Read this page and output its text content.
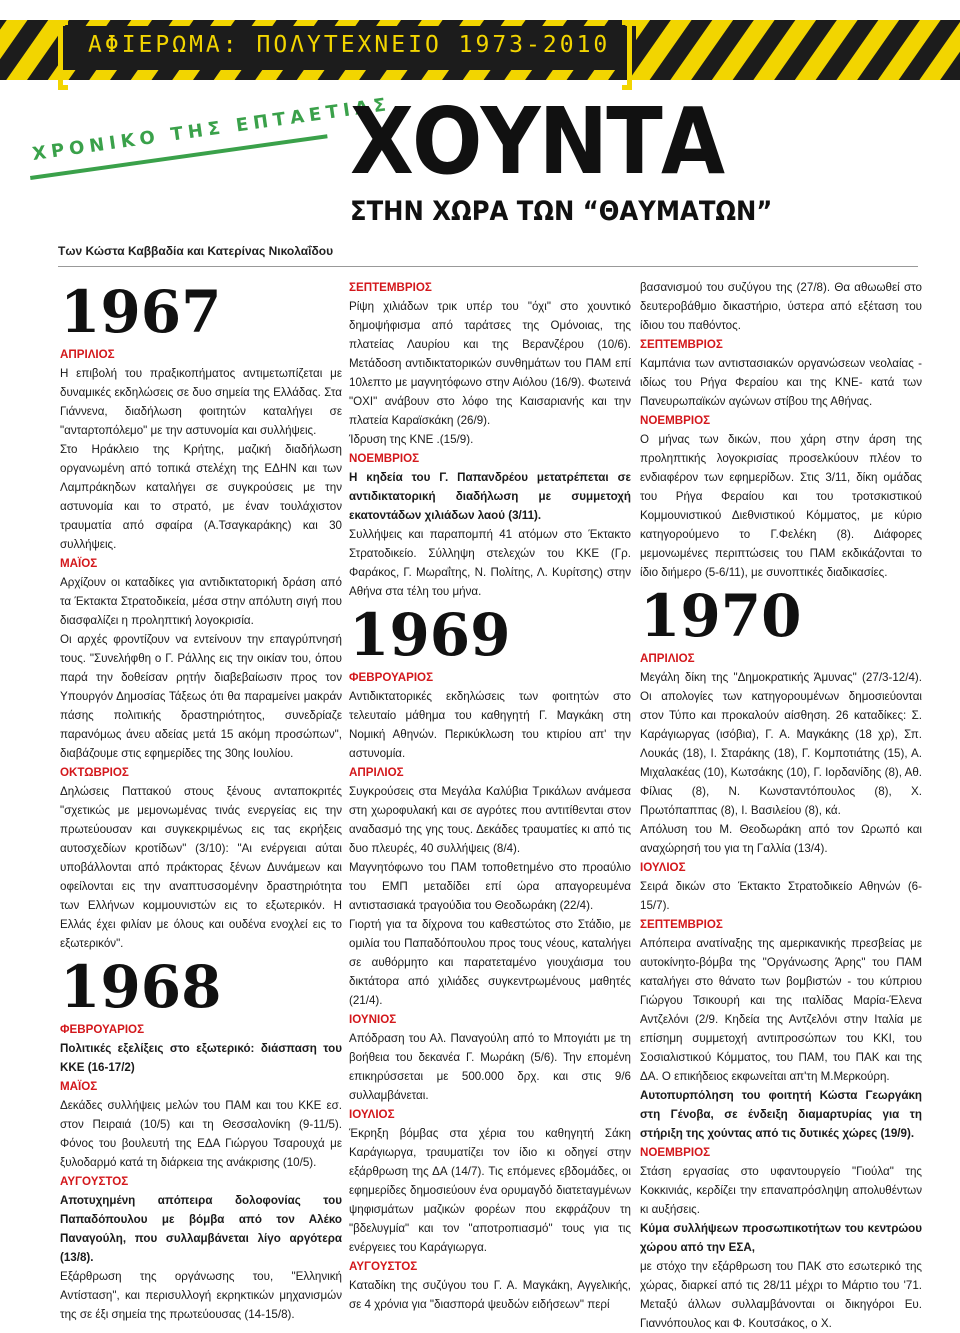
ΑΦΙΕΡΩΜΑ: ΠΟΛΥΤΕΧΝΕΙΟ 1973-2010
ΧΡΟΝΙΚΟ ΤΗΣ ΕΠΤΑΕΤΙΑΣ
ΧΟΥΝΤΑ
ΣΤΗΝ ΧΩΡΑ ΤΩΝ “ΘΑΥΜΑΤΩΝ”
Των Κώστα Καββαδία και Κατερίνας Νικολαΐδου
1967
ΑΠΡΙΛΙΟΣ

Η επιβολή του πραξικοπήματος αντιμετωπίζεται με δυναμικές εκδηλώσεις σε δυο σημεία της Ελλάδας. Στα Γιάννενα, διαδήλωση φοιτητών καταλήγει σε "ανταρτοπόλεμο" με την αστυνομία και συλλήψεις.

Στο Ηράκλειο της Κρήτης, μαζική διαδήλωση οργανωμένη από τοπικά στελέχη της ΕΔΗΝ και των Λαμπράκηδων καταλήγει σε συγκρούσεις με την αστυνομία και το στρατό, με έναν τουλάχιστον τραυματία από σφαίρα (Α.Τσαγκαράκης) και 30 συλλήψεις.

ΜΑΪΟΣ

Αρχίζουν οι καταδίκες για αντιδικτατορική δράση από τα Έκτακτα Στρατοδικεία, μέσα στην απόλυτη σιγή που διασφαλίζει η προληπτική λογοκρισία.

Οι αρχές φροντίζουν να εντείνουν την επαγρύπνησή τους. "Συνελήφθη ο Γ. Ράλλης εις την οικίαν του, όπου παρά την δοθείσαν ρητήν διαβεβαίωσιν προς τον Υπουργόν Δημοσίας Τάξεως ότι θα παραμείνει μακράν πάσης πολιτικής δραστηριότητος, συνεδρίαζε παρανόμως άνευ αδείας μετά 15 ακόμη προσώπων", διαβάζουμε στις εφημερίδες της 30ης Ιουλίου.

ΟΚΤΩΒΡΙΟΣ

Δηλώσεις Παττακού στους ξένους ανταποκριτές "σχετικώς με μεμονωμένας τινάς ενεργείας εις την πρωτεύουσαν και συγκεκριμένως εις τας εκρήξεις αυτοσχεδίων κροτίδων" (3/10): "Αι ενέργειαι αύται υποβάλλονται από πράκτορας ξένων Δυνάμεων και οφείλονται εις την αναπτυσσομένην δραστηριότητα των Ελλήνων κομμουνιστών εις το εξωτερικόν. Η Ελλάς έχει φιλίαν με όλους και ουδένα ενοχλεί εις το εξωτερικόν".

1968
ΦΕΒΡΟΥΑΡΙΟΣ

Πολιτικές εξελίξεις στο εξωτερικό: διάσπαση του ΚΚΕ (16-17/2)

ΜΑΪΟΣ

Δεκάδες συλλήψεις μελών του ΠΑΜ και του ΚΚΕ εσ. στον Πειραιά (10/5) και τη Θεσσαλονίκη (9-11/5). Φόνος του βουλευτή της ΕΔΑ Γιώργου Τσαρουχά με ξυλοδαρμό κατά τη διάρκεια της ανάκρισης (10/5).

ΑΥΓΟΥΣΤΟΣ

Αποτυχημένη απόπειρα δολοφονίας του Παπαδόπουλου με βόμβα από τον Αλέκο Παναγούλη, που συλλαμβάνεται λίγο αργότερα (13/8).

Εξάρθρωση της οργάνωσης του, "Ελληνική Αντίσταση", και περισυλλογή εκρηκτικών μηχανισμών της σε έξι σημεία της πρωτεύουσας (14-15/8).

ΣΕΠΤΕΜΒΡΙΟΣ

Ρίψη χιλιάδων τρικ υπέρ του "όχι" στο χουντικό δημοψήφισμα από ταράτσες της Ομόνοιας, της πλατείας Λαυρίου και της Βερανζέρου (10/6). Μετάδοση αντιδικτατορικών συνθημάτων του ΠΑΜ επί 10λεπτο με μαγνητόφωνο στην Αιόλου (16/9). Φωτεινά "ΟΧΙ" ανάβουν στο λόφο της Καισαριανής και την πλατεία Καραϊσκάκη (26/9).

Ίδρυση της ΚΝΕ .(15/9).

ΝΟΕΜΒΡΙΟΣ

Η κηδεία του Γ. Παπανδρέου μετατρέπεται σε αντιδικτατορική διαδήλωση με συμμετοχή εκατοντάδων χιλιάδων λαού (3/11).

Συλλήψεις και παραπομπή 41 ατόμων στο Έκτακτο Στρατοδικείο. Σύλληψη στελεχών του ΚΚΕ (Γρ. Φαράκος, Γ. Μωραΐτης, Ν. Πολίτης, Λ. Κυρίτσης) στην Αθήνα στα τέλη του μήνα.

1969
ΦΕΒΡΟΥΑΡΙΟΣ

Αντιδικτατορικές εκδηλώσεις των φοιτητών στο τελευταίο μάθημα του καθηγητή Γ. Μαγκάκη στη Νομική Αθηνών. Περικύκλωση του κτιρίου απ' την αστυνομία.

ΑΠΡΙΛΙΟΣ

Συγκρούσεις στα Μεγάλα Καλύβια Τρικάλων ανάμεσα στη χωροφυλακή και σε αγρότες που αντιτίθενται στον αναδασμό της γης τους. Δεκάδες τραυματίες κι από τις δυο πλευρές, 40 συλλήψεις (8/4).

Μαγνητόφωνο του ΠΑΜ τοποθετημένο στο προαύλιο του ΕΜΠ μεταδίδει επί ώρα απαγορευμένα αντιστασιακά τραγούδια του Θεοδωράκη (22/4).

Γιορτή για τα δίχρονα του καθεστώτος στο Στάδιο, με ομιλία του Παπαδόπουλου προς τους νέους, καταλήγει σε αυθόρμητο και παρατεταμένο γιουχάισμα του δικτάτορα από χιλιάδες συγκεντρωμένους μαθητές (21/4).

ΙΟΥΝΙΟΣ

Απόδραση του Αλ. Παναγούλη από το Μπογιάτι με τη βοήθεια του δεκανέα Γ. Μωράκη (5/6). Την επομένη επικηρύσσεται με 500.000 δρχ. και στις 9/6 συλλαμβάνεται.

ΙΟΥΛΙΟΣ

Έκρηξη βόμβας στα χέρια του καθηγητή Σάκη Καράγιωργα, τραυματίζει τον ίδιο κι οδηγεί στην εξάρθρωση της ΔΑ (14/7). Τις επόμενες εβδομάδες, οι εφημερίδες δημοσιεύουν ένα ορυμαγδό διατεταγμένων ψηφισμάτων μαζικών φορέων που εκφράζουν τη "βδελυγμία" και τον "αποτροπιασμό" τους για τις ενέργειες του Καράγιωργα.

ΑΥΓΟΥΣΤΟΣ

Καταδίκη της συζύγου του Γ. Α. Μαγκάκη, Αγγελικής, σε 4 χρόνια για "διασπορά ψευδών ειδήσεων" περί

βασανισμού του συζύγου της (27/8). Θα αθωωθεί στο δευτεροβάθμιο δικαστήριο, ύστερα από εξέταση του ίδιου του παθόντος.

ΣΕΠΤΕΜΒΡΙΟΣ

Καμπάνια των αντιστασιακών οργανώσεων νεολαίας - ιδίως του Ρήγα Φεραίου και της ΚΝΕ- κατά των Πανευρωπαϊκών αγώνων στίβου της Αθήνας.

ΝΟΕΜΒΡΙΟΣ

Ο μήνας των δικών, που χάρη στην άρση της προληπτικής λογοκρισίας προσελκύουν πλέον το ενδιαφέρον των εφημερίδων. Στις 3/11, δίκη ομάδας του Ρήγα Φεραίου και του τροτσκιστικού Κομμουνιστικού Διεθνιστικού Κόμματος, με κύριο κατηγορούμενο το Γ.Φελέκη (8). Διάφορες μεμονωμένες περιπτώσεις του ΠΑΜ εκδικάζονται το ίδιο διήμερο (5-6/11), με συνοπτικές διαδικασίες.

1970
ΑΠΡΙΛΙΟΣ

Μεγάλη δίκη της "Δημοκρατικής Άμυνας" (27/3-12/4). Οι απολογίες των κατηγορουμένων δημοσιεύονται στον Τύπο και προκαλούν αίσθηση. 26 καταδίκες: Σ. Καράγιωργας (ισόβια), Γ. Α. Μαγκάκης (18 χρ), Σπ. Λουκάς (18), Ι. Σταράκης (18), Γ. Κομποτιάτης (15), Α. Μιχαλακέας (10), Κωτσάκης (10), Γ. Ιορδανίδης (8), Αθ. Φίλιας (8), Ν. Κωνσταντόπουλος (8), Χ. Πρωτόπαππας (8), Ι. Βασιλείου (8), κά.

Απόλυση του Μ. Θεοδωράκη από τον Ωρωπό και αναχώρησή του για τη Γαλλία (13/4).

ΙΟΥΛΙΟΣ

Σειρά δικών στο Έκτακτο Στρατοδικείο Αθηνών (6-15/7).

ΣΕΠΤΕΜΒΡΙΟΣ

Απόπειρα ανατίναξης της αμερικανικής πρεσβείας με αυτοκίνητο-βόμβα της "Οργάνωσης Άρης" του ΠΑΜ καταλήγει στο θάνατο των βομβιστών - του κύπριου Γιώργου Τσικουρή και της ιταλίδας Μαρία-Έλενα Αντζελόνι (2/9. Κηδεία της Αντζελόνι στην Ιταλία με επίσημη συμμετοχή αντιπροσώπων του ΚΚΙ, του Σοσιαλιστικού Κόμματος, του ΠΑΜ, του ΠΑΚ και της ΔΑ. Ο επικήδειος εκφωνείται απ'τη Μ.Μερκούρη.

Αυτοπυρπόληση του φοιτητή Κώστα Γεωργάκη στη Γένοβα, σε ένδειξη διαμαρτυρίας για τη στήριξη της χούντας από τις δυτικές χώρες (19/9).

ΝΟΕΜΒΡΙΟΣ

Στάση εργασίας στο υφαντουργείο "Γιούλα" της Κοκκινιάς, κερδίζει την επαναπρόσληψη απολυθέντων κι αυξήσεις.

Κύμα συλλήψεων προσωπικοτήτων του κεντρώου χώρου από την ΕΣΑ,

με στόχο την εξάρθρωση του ΠΑΚ στο εσωτερικό της χώρας, διαρκεί από τις 28/11 μέχρι το Μάρτιο του '71. Μεταξύ άλλων συλλαμβάνονται οι δικηγόροι Ευ. Γιαννόπουλος και Φ. Κουτσάκος, ο Χ.
